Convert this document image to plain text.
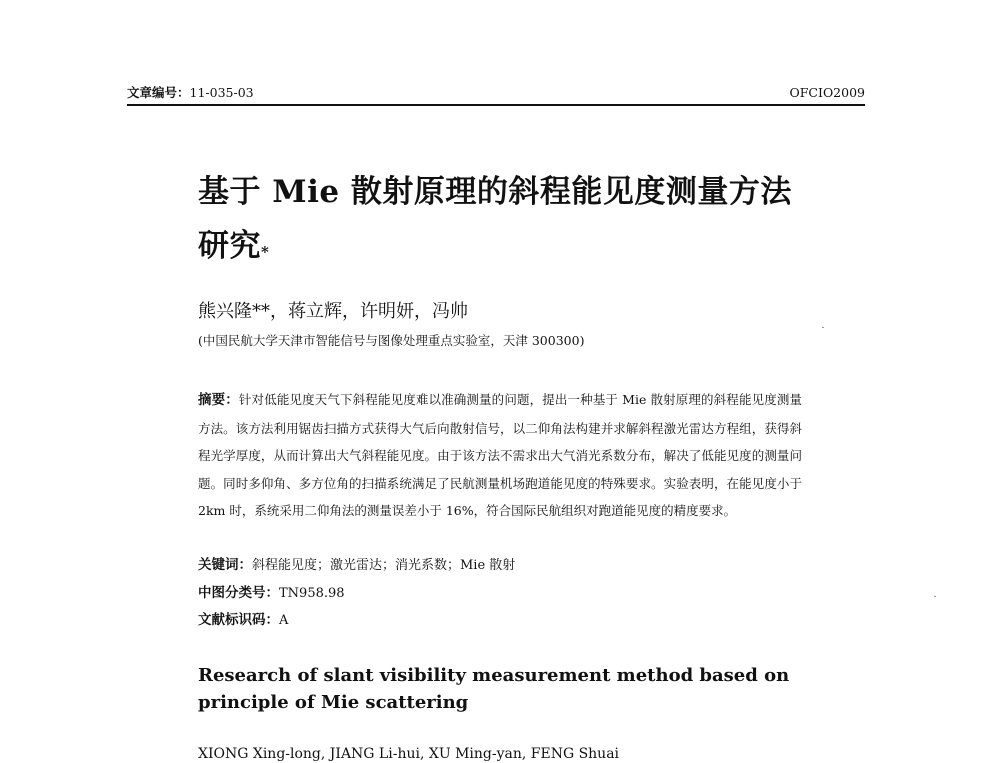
文章编号：11-035-03	OFCIO2009
基于 Mie 散射原理的斜程能见度测量方法研究*
熊兴隆**，蒋立辉，许明妍，冯帅
(中国民航大学天津市智能信号与图像处理重点实验室，天津 300300)
摘要：针对低能见度天气下斜程能见度难以准确测量的问题，提出一种基于 Mie 散射原理的斜程能见度测量方法。该方法利用锯齿扫描方式获得大气后向散射信号，以二仰角法构建并求解斜程激光雷达方程组，获得斜程光学厚度，从而计算出大气斜程能见度。由于该方法不需求出大气消光系数分布，解决了低能见度的测量问题。同时多仰角、多方位角的扫描系统满足了民航测量机场跑道能见度的特殊要求。实验表明，在能见度小于 2km 时，系统采用二仰角法的测量误差小于 16%，符合国际民航组织对跑道能见度的精度要求。
关键词：斜程能见度；激光雷达；消光系数；Mie 散射
中图分类号：TN958.98
文献标识码：A
Research of slant visibility measurement method based on principle of Mie scattering
XIONG Xing-long, JIANG Li-hui, XU Ming-yan, FENG Shuai
